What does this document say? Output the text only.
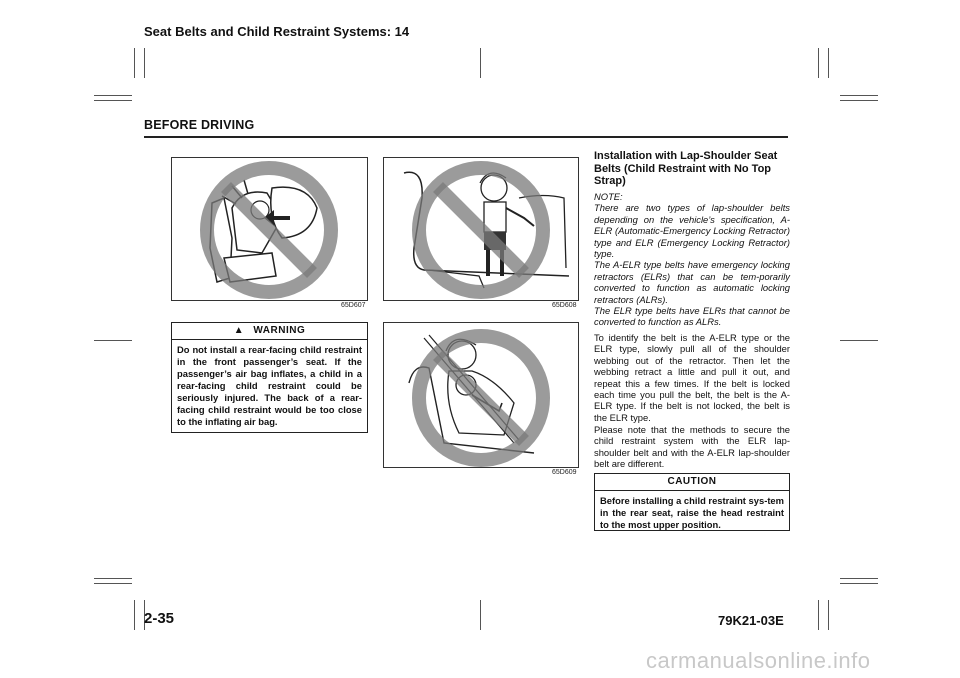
Seat Belts and Child Restraint Systems: 14
BEFORE DRIVING
65D607
▲ WARNING
Do not install a rear-facing child restraint in the front passenger’s seat. If the passenger’s air bag inflates, a child in a rear-facing child restraint could be seriously injured. The back of a rear-facing child restraint would be too close to the inflating air bag.
65D608
65D609
Installation with Lap-Shoulder Seat Belts (Child Restraint with No Top Strap)
NOTE:
There are two types of lap-shoulder belts depending on the vehicle’s specification, A-ELR (Automatic-Emergency Locking Retractor) type and ELR (Emergency Locking Retractor) type.
The A-ELR type belts have emergency locking retractors (ELRs) that can be tem-porarily converted to function as automatic locking retractors (ALRs).
The ELR type belts have ELRs that cannot be converted to function as ALRs.
To identify the belt is the A-ELR type or the ELR type, slowly pull all of the shoulder webbing out of the retractor. Then let the webbing retract a little and pull it out, and repeat this a few times. If the belt is locked each time you pull the belt, the belt is the A-ELR type. If the belt is not locked, the belt is the ELR type.
Please note that the methods to secure the child restraint system with the ELR lap-shoulder belt and with the A-ELR lap-shoulder belt are different.
CAUTION
Before installing a child restraint sys-tem in the rear seat, raise the head restraint to the most upper position.
2-35	79K21-03E
carmanualsonline.info
